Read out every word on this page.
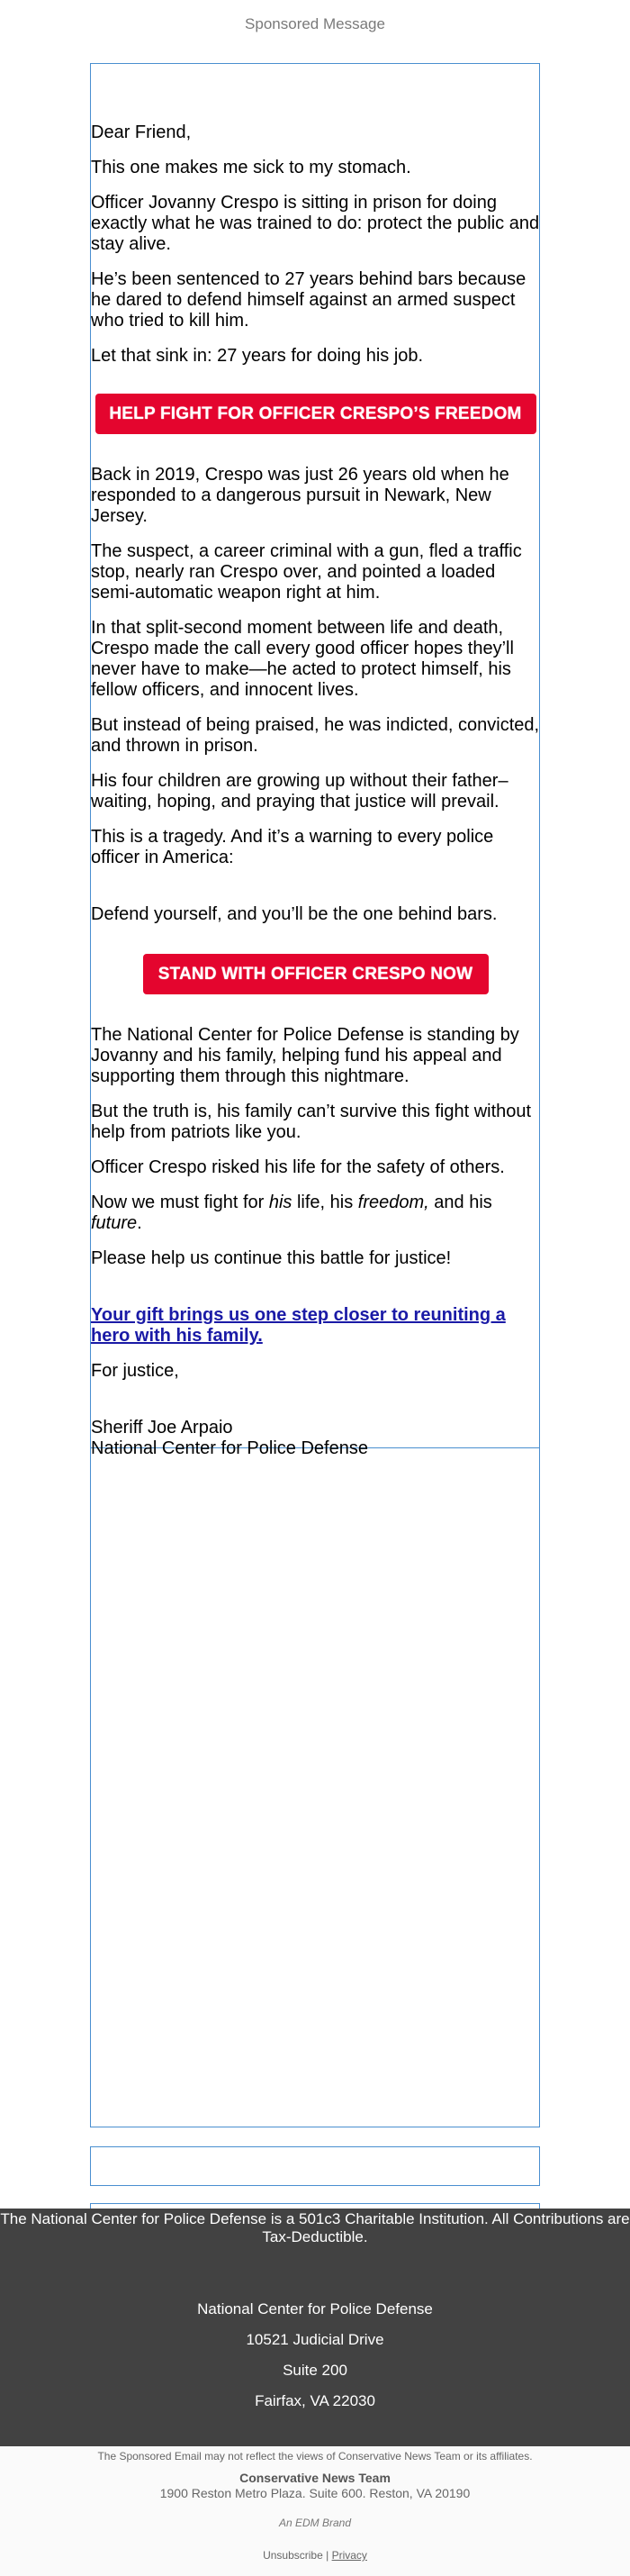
Sponsored Message

Dear Friend,

This one makes me sick to my stomach.

Officer Jovanny Crespo is sitting in prison for doing exactly what he was trained to do: protect the public and stay alive.

He’s been sentenced to 27 years behind bars because he dared to defend himself against an armed suspect who tried to kill him.

Let that sink in: 27 years for doing his job.

HELP FIGHT FOR OFFICER CRESPO’S FREEDOM

Back in 2019, Crespo was just 26 years old when he responded to a dangerous pursuit in Newark, New Jersey.

The suspect, a career criminal with a gun, fled a traffic stop, nearly ran Crespo over, and pointed a loaded semi-automatic weapon right at him.

In that split-second moment between life and death, Crespo made the call every good officer hopes they’ll never have to make—he acted to protect himself, his fellow officers, and innocent lives.

But instead of being praised, he was indicted, convicted, and thrown in prison.

His four children are growing up without their father–waiting, hoping, and praying that justice will prevail.

This is a tragedy. And it’s a warning to every police officer in America:

Defend yourself, and you’ll be the one behind bars.

STAND WITH OFFICER CRESPO NOW

The National Center for Police Defense is standing by Jovanny and his family, helping fund his appeal and supporting them through this nightmare.

But the truth is, his family can’t survive this fight without help from patriots like you.

Officer Crespo risked his life for the safety of others.

Now we must fight for his life, his freedom, and his future.

Please help us continue this battle for justice!

Your gift brings us one step closer to reuniting a hero with his family.

For justice,

Sheriff Joe Arpaio

National Center for Police Defense

The National Center for Police Defense is a 501c3 Charitable Institution. All Contributions are Tax-Deductible.
National Center for Police Defense
10521 Judicial Drive
Suite 200
Fairfax, VA 22030
The Sponsored Email may not reflect the views of Conservative News Team or its affiliates.
Conservative News Team
1900 Reston Metro Plaza. Suite 600. Reston, VA 20190
An EDM Brand
Unsubscribe | Privacy
